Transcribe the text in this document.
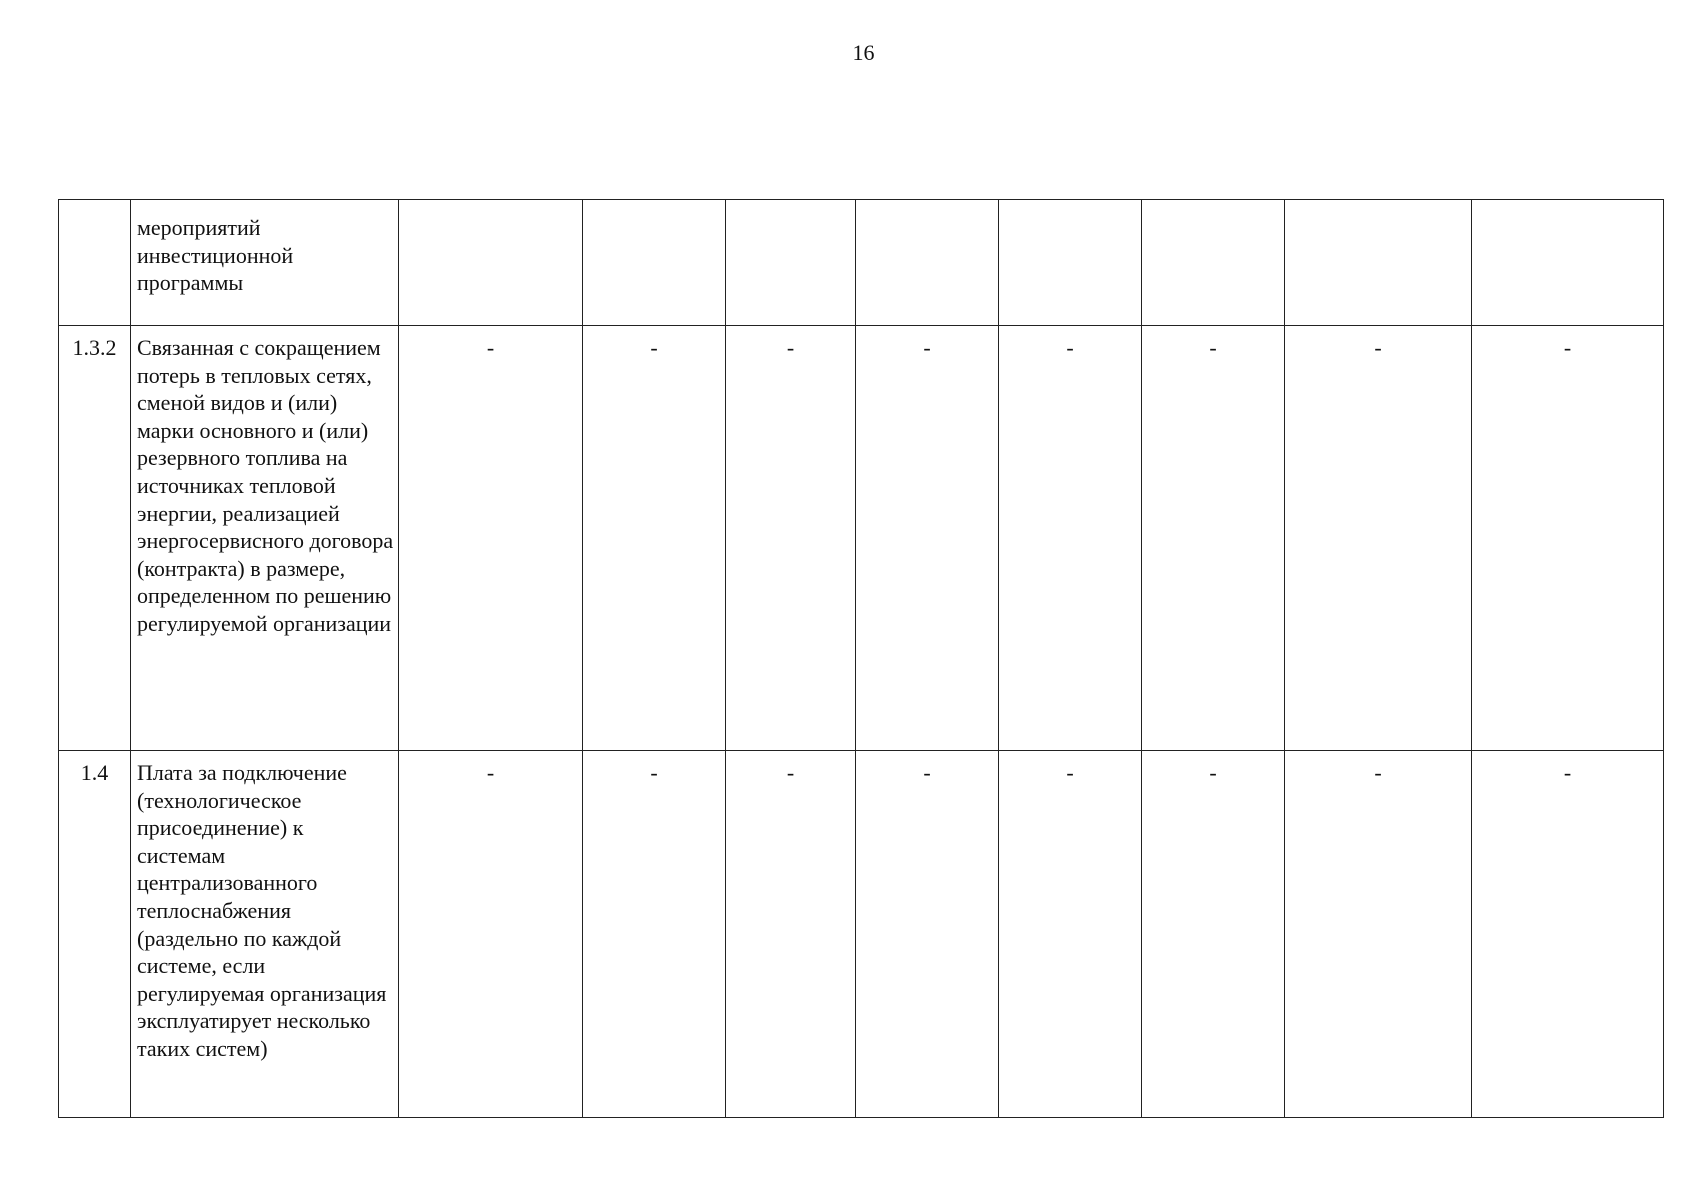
16
	мероприятий инвестиционной программы								
1.3.2	Связанная с сокращением потерь в тепловых сетях, сменой видов и (или) марки основного и (или) резервного топлива на источниках тепловой энергии, реализацией энергосервисного договора (контракта) в размере, определенном по решению регулируемой организации	-	-	-	-	-	-	-	-
1.4	Плата за подключение (технологическое присоединение) к системам централизованного теплоснабжения (раздельно по каждой системе, если регулируемая организация эксплуатирует несколько таких систем)	-	-	-	-	-	-	-	-
